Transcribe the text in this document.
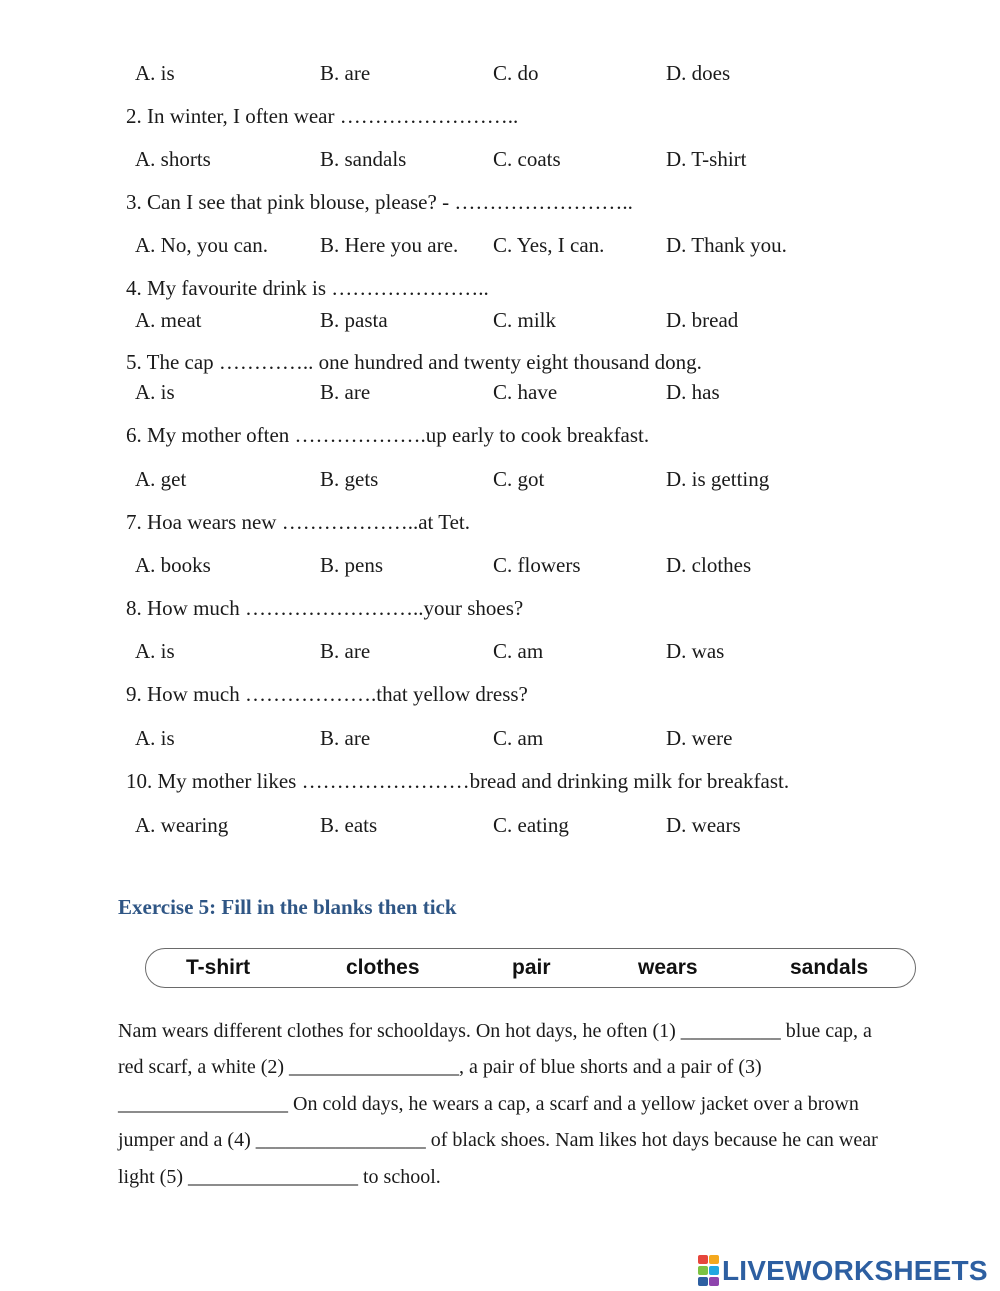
A. is	B. are	C. do	D. does
2. In winter, I often wear ……………………..
A. shorts	B. sandals	C. coats	D. T-shirt
3. Can I see that pink blouse, please? - ……………………..
A. No, you can. B. Here you are. C. Yes, I can.	D. Thank you.
4. My favourite drink is …………………..
A. meat	B. pasta	C. milk	D. bread
5. The cap ………….. one hundred and twenty eight thousand dong.
A. is	B. are	C. have	D. has
6. My mother often ……………….up early to cook breakfast.
A. get	B. gets	C. got	D. is getting
7. Hoa wears new ………………..at Tet.
A. books	B. pens	C. flowers	D. clothes
8. How much ……………………..your shoes?
A. is	B. are	C. am	D. was
9. How much ……………….that yellow dress?
A. is	B. are	C. am	D. were
10. My mother likes ……………………bread and drinking milk for breakfast.
A. wearing	B. eats	C. eating	D. wears
Exercise 5: Fill in the blanks then tick
T-shirt	clothes	pair	wears	sandals
Nam wears different clothes for schooldays. On hot days, he often (1) __________ blue cap, a
red scarf, a white (2) _________________, a pair of blue shorts and a pair of (3)
_________________ On cold days, he wears a cap, a scarf and a yellow jacket over a brown
jumper and a (4) _________________ of black shoes. Nam likes hot days because he can wear
light (5) _________________ to school.
LIVEWORKSHEETS
